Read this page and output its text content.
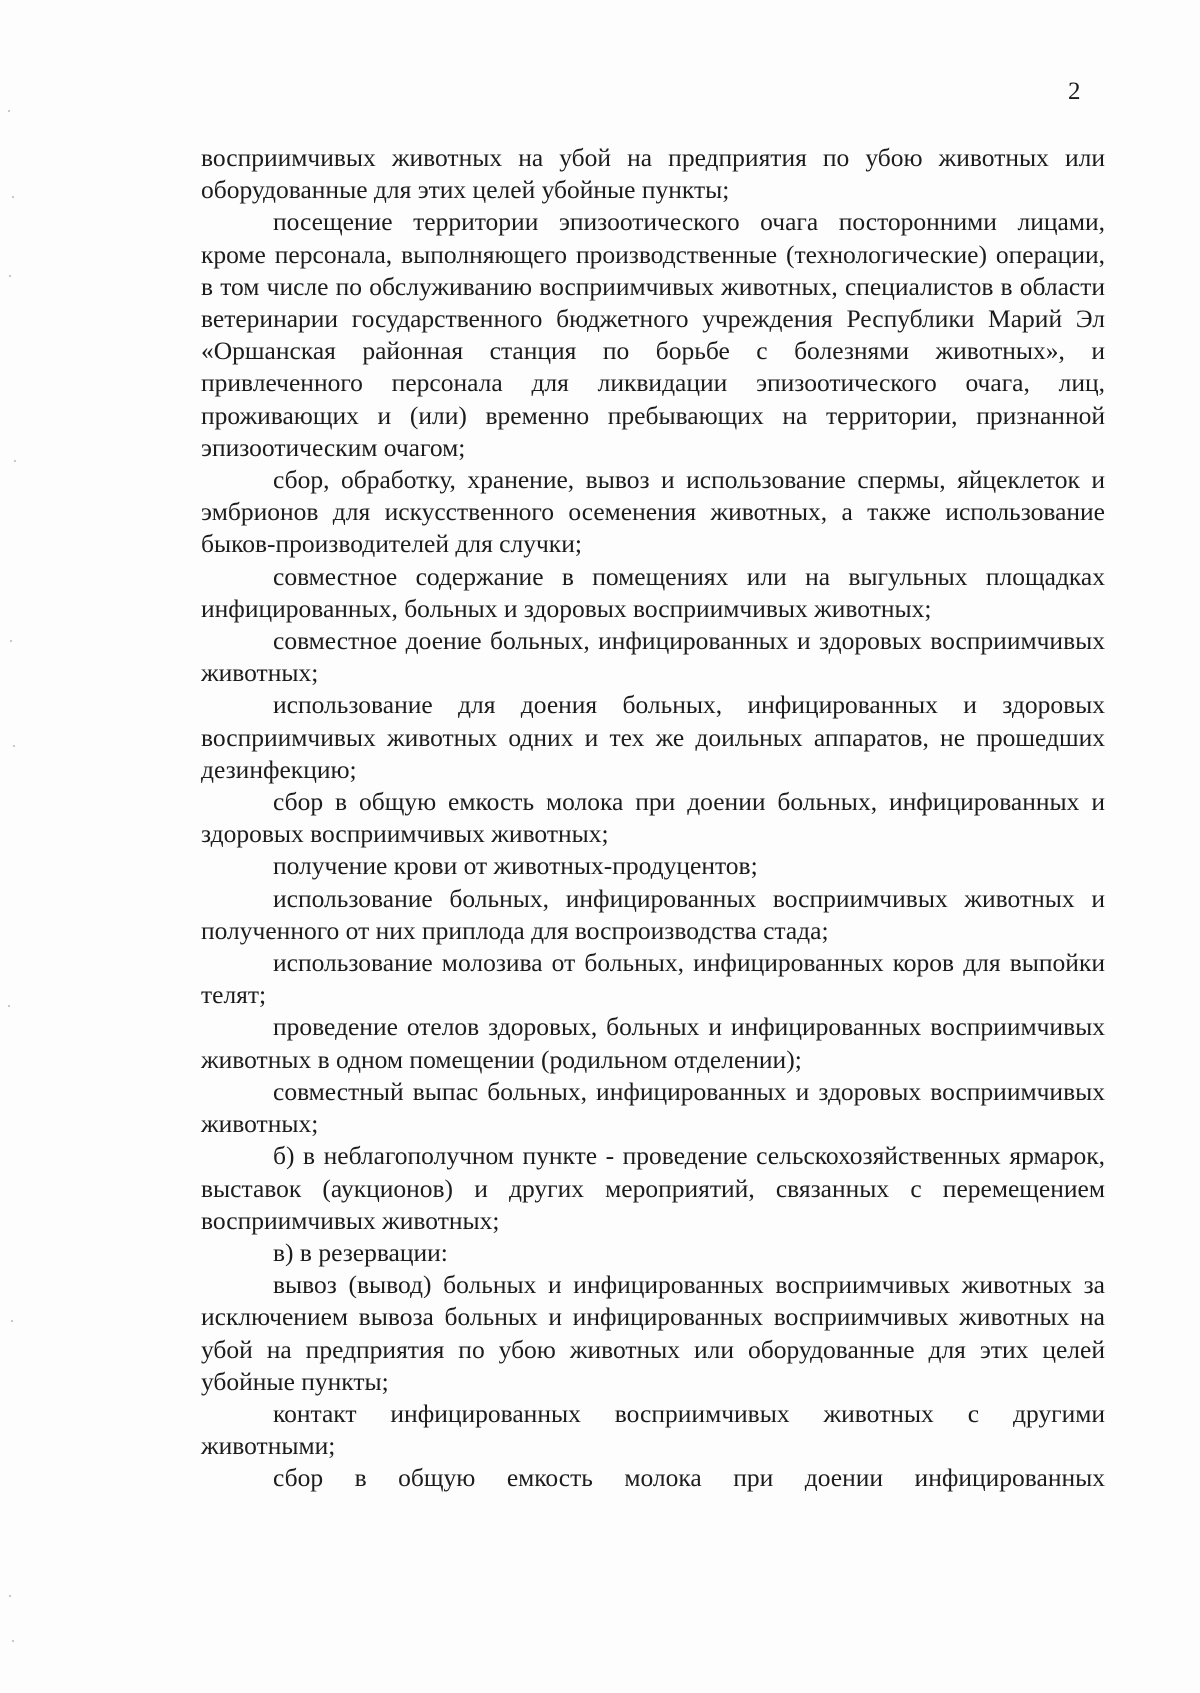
2

восприимчивых животных на убой на предприятия по убою животных или оборудованные для этих целей убойные пункты;

посещение территории эпизоотического очага посторонними лицами, кроме персонала, выполняющего производственные (технологические) операции, в том числе по обслуживанию восприимчивых животных, специалистов в области ветеринарии государственного бюджетного учреждения Республики Марий Эл «Оршанская районная станция по борьбе с болезнями животных», и привлеченного персонала для ликвидации эпизоотического очага, лиц, проживающих и (или) временно пребывающих на территории, признанной эпизоотическим очагом;

сбор, обработку, хранение, вывоз и использование спермы, яйцеклеток и эмбрионов для искусственного осеменения животных, а также использование быков-производителей для случки;

совместное содержание в помещениях или на выгульных площадках инфицированных, больных и здоровых восприимчивых животных;

совместное доение больных, инфицированных и здоровых восприимчивых животных;

использование для доения больных, инфицированных и здоровых восприимчивых животных одних и тех же доильных аппаратов, не прошедших дезинфекцию;

сбор в общую емкость молока при доении больных, инфицированных и здоровых восприимчивых животных;

получение крови от животных-продуцентов;

использование больных, инфицированных восприимчивых животных и полученного от них приплода для воспроизводства стада;

использование молозива от больных, инфицированных коров для выпойки телят;

проведение отелов здоровых, больных и инфицированных восприимчивых животных в одном помещении (родильном отделении);

совместный выпас больных, инфицированных и здоровых восприимчивых животных;

б) в неблагополучном пункте - проведение сельскохозяйственных ярмарок, выставок (аукционов) и других мероприятий, связанных с перемещением восприимчивых животных;

в) в резервации:

вывоз (вывод) больных и инфицированных восприимчивых животных за исключением вывоза больных и инфицированных восприимчивых животных на убой на предприятия по убою животных или оборудованные для этих целей убойные пункты;

контакт инфицированных восприимчивых животных с другими животными;

сбор в общую емкость молока при доении инфицированных
